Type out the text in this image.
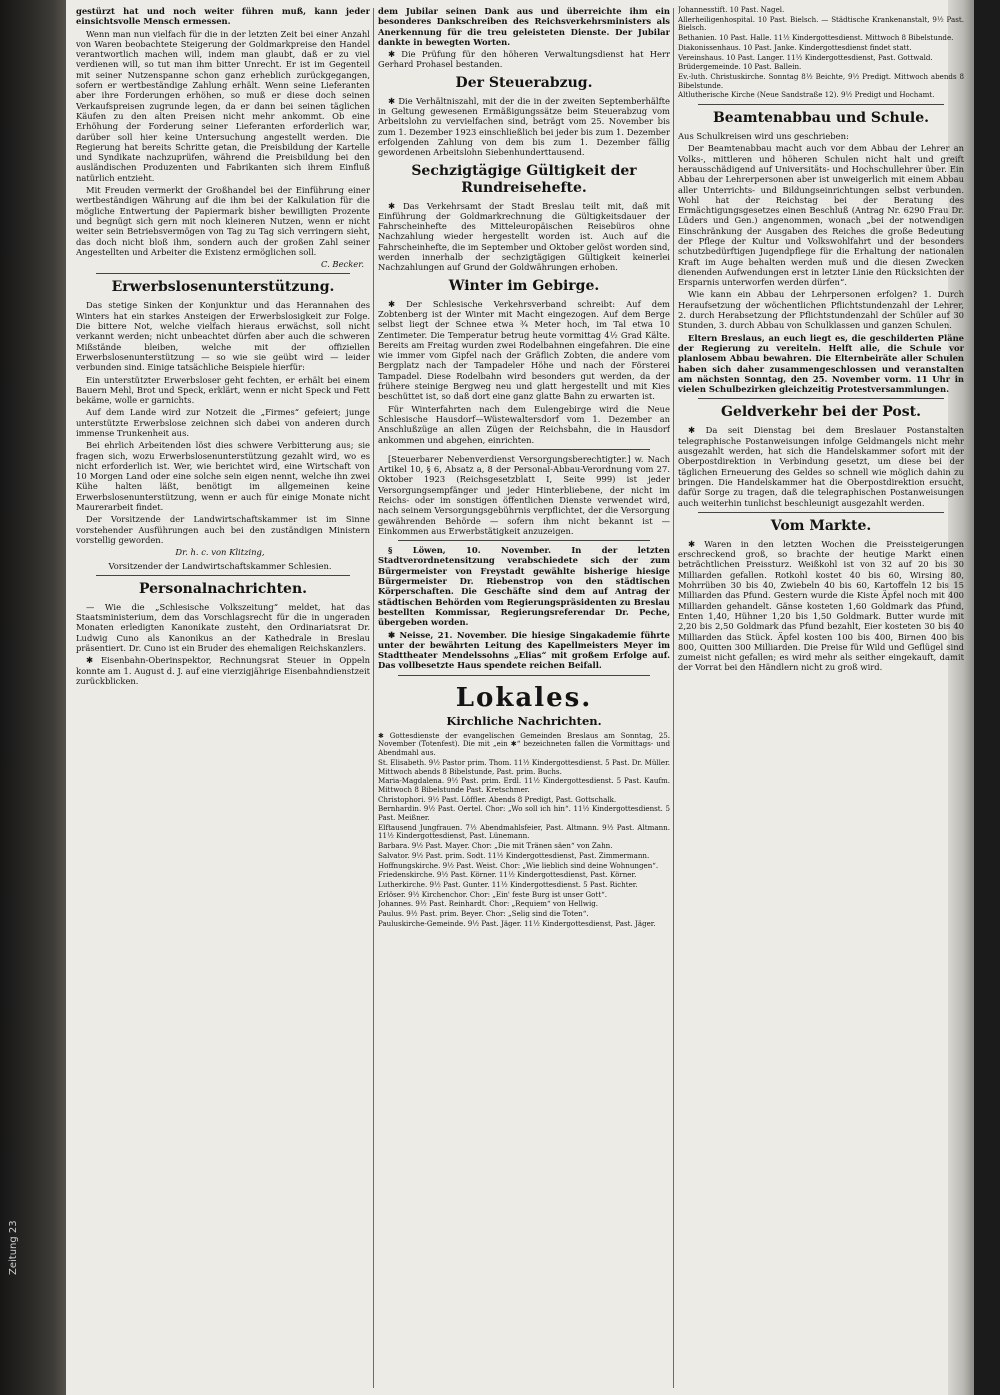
Zeitung 23

gestürzt hat und noch weiter führen muß, kann jeder einsichtsvolle Mensch ermessen.

Wenn man nun vielfach für die in der letzten Zeit bei einer Anzahl von Waren beobachtete Steigerung der Goldmarkpreise den Handel verantwortlich machen will, indem man glaubt, daß er zu viel verdienen will, so tut man ihm bitter Unrecht. Er ist im Gegenteil mit seiner Nutzenspanne schon ganz erheblich zurückgegangen, sofern er wertbeständige Zahlung erhält. Wenn seine Lieferanten aber ihre Forderungen erhöhen, so muß er diese doch seinen Verkaufspreisen zugrunde legen, da er dann bei seinen täglichen Käufen zu den alten Preisen nicht mehr ankommt. Ob eine Erhöhung der Forderung seiner Lieferanten erforderlich war, darüber soll hier keine Untersuchung angestellt werden. Die Regierung hat bereits Schritte getan, die Preisbildung der Kartelle und Syndikate nachzuprüfen, während die Preisbildung bei den ausländischen Produzenten und Fabrikanten sich ihrem Einfluß natürlich entzieht.

Mit Freuden vermerkt der Großhandel bei der Einführung einer wertbeständigen Währung auf die ihm bei der Kalkulation für die mögliche Entwertung der Papiermark bisher bewilligten Prozente und begnügt sich gern mit noch kleineren Nutzen, wenn er nicht weiter sein Betriebsvermögen von Tag zu Tag sich verringern sieht, das doch nicht bloß ihm, sondern auch der großen Zahl seiner Angestellten und Arbeiter die Existenz ermöglichen soll.

C. Becker.
Erwerbslosenunterstützung.

Das stetige Sinken der Konjunktur und das Herannahen des Winters hat ein starkes Ansteigen der Erwerbslosigkeit zur Folge. Die bittere Not, welche vielfach hieraus erwächst, soll nicht verkannt werden; nicht unbeachtet dürfen aber auch die schweren Mißstände bleiben, welche mit der offiziellen Erwerbslosenunterstützung — so wie sie geübt wird — leider verbunden sind. Einige tatsächliche Beispiele hierfür:

Ein unterstützter Erwerbsloser geht fechten, er erhält bei einem Bauern Mehl, Brot und Speck, erklärt, wenn er nicht Speck und Fett bekäme, wolle er garnichts.

Auf dem Lande wird zur Notzeit die „Firmes“ gefeiert; junge unterstützte Erwerbslose zeichnen sich dabei von anderen durch immense Trunkenheit aus.

Bei ehrlich Arbeitenden löst dies schwere Verbitterung aus; sie fragen sich, wozu Erwerbslosenunterstützung gezahlt wird, wo es nicht erforderlich ist. Wer, wie berichtet wird, eine Wirtschaft von 10 Morgen Land oder eine solche sein eigen nennt, welche ihn zwei Kühe halten läßt, benötigt im allgemeinen keine Erwerbslosenunterstützung, wenn er auch für einige Monate nicht Maurerarbeit findet.

Der Vorsitzende der Landwirtschaftskammer ist im Sinne vorstehender Ausführungen auch bei den zuständigen Ministern vorstellig geworden.

Dr. h. c. von Klitzing,
Vorsitzender der Landwirtschaftskammer Schlesien.
Personalnachrichten.

— Wie die „Schlesische Volkszeitung“ meldet, hat das Staatsministerium, dem das Vorschlagsrecht für die in ungeraden Monaten erledigten Kanonikate zusteht, den Ordinariatsrat Dr. Ludwig Cuno als Kanonikus an der Kathedrale in Breslau präsentiert. Dr. Cuno ist ein Bruder des ehemaligen Reichskanzlers.

✱ Eisenbahn-Oberinspektor, Rechnungsrat Steuer in Oppeln konnte am 1. August d. J. auf eine vierzigjährige Eisenbahndienstzeit zurückblicken.

dem Jubilar seinen Dank aus und überreichte ihm ein besonderes Dankschreiben des Reichsverkehrsministers als Anerkennung für die treu geleisteten Dienste. Der Jubilar dankte in bewegten Worten.

✱ Die Prüfung für den höheren Verwaltungsdienst hat Herr Gerhard Prohasel bestanden.

Der Steuerabzug.

✱ Die Verhältniszahl, mit der die in der zweiten Septemberhälfte in Geltung gewesenen Ermäßigungssätze beim Steuerabzug vom Arbeitslohn zu vervielfachen sind, beträgt vom 25. November bis zum 1. Dezember 1923 einschließlich bei jeder bis zum 1. Dezember erfolgenden Zahlung von dem bis zum 1. Dezember fällig gewordenen Arbeitslohn Siebenhunderttausend.

Sechzigtägige Gültigkeit der Rundreisehefte.

✱ Das Verkehrsamt der Stadt Breslau teilt mit, daß mit Einführung der Goldmarkrechnung die Gültigkeitsdauer der Fahrscheinhefte des Mitteleuropäischen Reisebüros ohne Nachzahlung wieder hergestellt worden ist. Auch auf die Fahrscheinhefte, die im September und Oktober gelöst worden sind, werden innerhalb der sechzigtägigen Gültigkeit keinerlei Nachzahlungen auf Grund der Goldwährungen erhoben.

Winter im Gebirge.

✱ Der Schlesische Verkehrsverband schreibt: Auf dem Zobtenberg ist der Winter mit Macht eingezogen. Auf dem Berge selbst liegt der Schnee etwa ¾ Meter hoch, im Tal etwa 10 Zentimeter. Die Temperatur betrug heute vormittag 4½ Grad Kälte. Bereits am Freitag wurden zwei Rodelbahnen eingefahren. Die eine wie immer vom Gipfel nach der Gräflich Zobten, die andere vom Bergplatz nach der Tampadeler Höhe und nach der Försterei Tampadel. Diese Rodelbahn wird besonders gut werden, da der frühere steinige Bergweg neu und glatt hergestellt und mit Kies beschüttet ist, so daß dort eine ganz glatte Bahn zu erwarten ist.

Für Winterfahrten nach dem Eulengebirge wird die Neue Schlesische Hausdorf—Wüstewaltersdorf vom 1. Dezember an Anschlußzüge an allen Zügen der Reichsbahn, die in Hausdorf ankommen und abgehen, einrichten.

[Steuerbarer Nebenverdienst Versorgungsberechtigter.] w. Nach Artikel 10, § 6, Absatz a, 8 der Personal-Abbau-Verordnung vom 27. Oktober 1923 (Reichsgesetzblatt I, Seite 999) ist jeder Versorgungsempfänger und jeder Hinterbliebene, der nicht im Reichs- oder im sonstigen öffentlichen Dienste verwendet wird, nach seinem Versorgungsgebührnis verpflichtet, der die Versorgung gewährenden Behörde — sofern ihm nicht bekannt ist — Einkommen aus Erwerbstätigkeit anzuzeigen.

§ Löwen, 10. November. In der letzten Stadtverordnetensitzung verabschiedete sich der zum Bürgermeister von Freystadt gewählte bisherige hiesige Bürgermeister Dr. Riebenstrop von den städtischen Körperschaften. Die Geschäfte sind dem auf Antrag der städtischen Behörden vom Regierungspräsidenten zu Breslau bestellten Kommissar, Regierungsreferendar Dr. Peche, übergeben worden.

✱ Neisse, 21. November. Die hiesige Singakademie führte unter der bewährten Leitung des Kapellmeisters Meyer im Stadttheater Mendelssohns „Elias“ mit großem Erfolge auf. Das vollbesetzte Haus spendete reichen Beifall.

Lokales.
Kirchliche Nachrichten.

✱ Gottesdienste der evangelischen Gemeinden Breslaus am Sonntag, 25. November (Totenfest). Die mit „ein ✱“ bezeichneten fallen die Vormittags- und Abendmahl aus.

St. Elisabeth. 9½ Pastor prim. Thom. 11½ Kindergottesdienst. 5 Past. Dr. Müller. Mittwoch abends 8 Bibelstunde, Past. prim. Buchs.

Maria-Magdalena. 9½ Past. prim. Erdl. 11½ Kindergottesdienst. 5 Past. Kaufm. Mittwoch 8 Bibelstunde Past. Kretschmer.

Christophori. 9½ Past. Löffler. Abends 8 Predigt, Past. Gottschalk.

Bernhardin. 9½ Past. Oertel. Chor: „Wo soll ich hin“. 11½ Kindergottesdienst. 5 Past. Meißner.

Elftausend Jungfrauen. 7½ Abendmahlsfeier, Past. Altmann. 9½ Past. Altmann. 11½ Kindergottesdienst, Past. Lünemann.

Barbara. 9½ Past. Mayer. Chor: „Die mit Tränen säen“ von Zahn.

Salvator. 9½ Past. prim. Sodt. 11½ Kindergottesdienst, Past. Zimmermann.

Hoffnungskirche. 9½ Past. Weist. Chor: „Wie lieblich sind deine Wohnungen“.

Friedenskirche. 9½ Past. Körner. 11½ Kindergottesdienst, Past. Körner.

Lutherkirche. 9½ Past. Gunter. 11½ Kindergottesdienst. 5 Past. Richter.

Erlöser. 9½ Kirchenchor. Chor: „Ein' feste Burg ist unser Gott“.

Johannes. 9½ Past. Reinhardt. Chor: „Requiem“ von Hellwig.

Paulus. 9½ Past. prim. Beyer. Chor: „Selig sind die Toten“.

Pauluskirche-Gemeinde. 9½ Past. Jäger. 11½ Kindergottesdienst, Past. Jäger.

Johannesstift. 10 Past. Nagel.

Allerheiligenhospital. 10 Past. Bielsch. — Städtische Krankenanstalt, 9½ Past. Bielsch.

Bethanien. 10 Past. Halle. 11½ Kindergottesdienst. Mittwoch 8 Bibelstunde.

Diakonissenhaus. 10 Past. Janke. Kindergottesdienst findet statt.

Vereinshaus. 10 Past. Langer. 11½ Kindergottesdienst, Past. Gottwald.

Brüdergemeinde. 10 Past. Ballein.

Ev.-luth. Christuskirche. Sonntag 8½ Beichte, 9½ Predigt. Mittwoch abends 8 Bibelstunde.

Altlutherische Kirche (Neue Sandstraße 12). 9½ Predigt und Hochamt.

Beamtenabbau und Schule.

Aus Schulkreisen wird uns geschrieben:

Der Beamtenabbau macht auch vor dem Abbau der Lehrer an Volks-, mittleren und höheren Schulen nicht halt und greift herausschädigend auf Universitäts- und Hochschullehrer über. Ein Abbau der Lehrerpersonen aber ist unweigerlich mit einem Abbau aller Unterrichts- und Bildungseinrichtungen selbst verbunden. Wohl hat der Reichstag bei der Beratung des Ermächtigungsgesetzes einen Beschluß (Antrag Nr. 6290 Frau Dr. Lüders und Gen.) angenommen, wonach „bei der notwendigen Einschränkung der Ausgaben des Reiches die große Bedeutung der Pflege der Kultur und Volkswohlfahrt und der besonders schutzbedürftigen Jugendpflege für die Erhaltung der nationalen Kraft im Auge behalten werden muß und die diesen Zwecken dienenden Aufwendungen erst in letzter Linie den Rücksichten der Ersparnis unterworfen werden dürfen“.

Wie kann ein Abbau der Lehrpersonen erfolgen? 1. Durch Heraufsetzung der wöchentlichen Pflichtstundenzahl der Lehrer, 2. durch Herabsetzung der Pflichtstundenzahl der Schüler auf 30 Stunden, 3. durch Abbau von Schulklassen und ganzen Schulen.

Eltern Breslaus, an euch liegt es, die geschilderten Pläne der Regierung zu vereiteln. Helft alle, die Schule vor planlosem Abbau bewahren. Die Elternbeiräte aller Schulen haben sich daher zusammengeschlossen und veranstalten am nächsten Sonntag, den 25. November vorm. 11 Uhr in vielen Schulbezirken gleichzeitig Protestversammlungen.

Geldverkehr bei der Post.

✱ Da seit Dienstag bei dem Breslauer Postanstalten telegraphische Postanweisungen infolge Geldmangels nicht mehr ausgezahlt werden, hat sich die Handelskammer sofort mit der Oberpostdirektion in Verbindung gesetzt, um diese bei der täglichen Erneuerung des Geldes so schnell wie möglich dahin zu bringen. Die Handelskammer hat die Oberpostdirektion ersucht, dafür Sorge zu tragen, daß die telegraphischen Postanweisungen auch weiterhin tunlichst beschleunigt ausgezahlt werden.

Vom Markte.

✱ Waren in den letzten Wochen die Preissteigerungen erschreckend groß, so brachte der heutige Markt einen beträchtlichen Preissturz. Weißkohl ist von 32 auf 20 bis 30 Milliarden gefallen. Rotkohl kostet 40 bis 60, Wirsing 80, Mohrrüben 30 bis 40, Zwiebeln 40 bis 60, Kartoffeln 12 bis 15 Milliarden das Pfund. Gestern wurde die Kiste Äpfel noch mit 400 Milliarden gehandelt. Gänse kosteten 1,60 Goldmark das Pfund, Enten 1,40, Hühner 1,20 bis 1,50 Goldmark. Butter wurde mit 2,20 bis 2,50 Goldmark das Pfund bezahlt, Eier kosteten 30 bis 40 Milliarden das Stück. Äpfel kosten 100 bis 400, Birnen 400 bis 800, Quitten 300 Milliarden. Die Preise für Wild und Geflügel sind zumeist nicht gefallen; es wird mehr als seither eingekauft, damit der Vorrat bei den Händlern nicht zu groß wird.
